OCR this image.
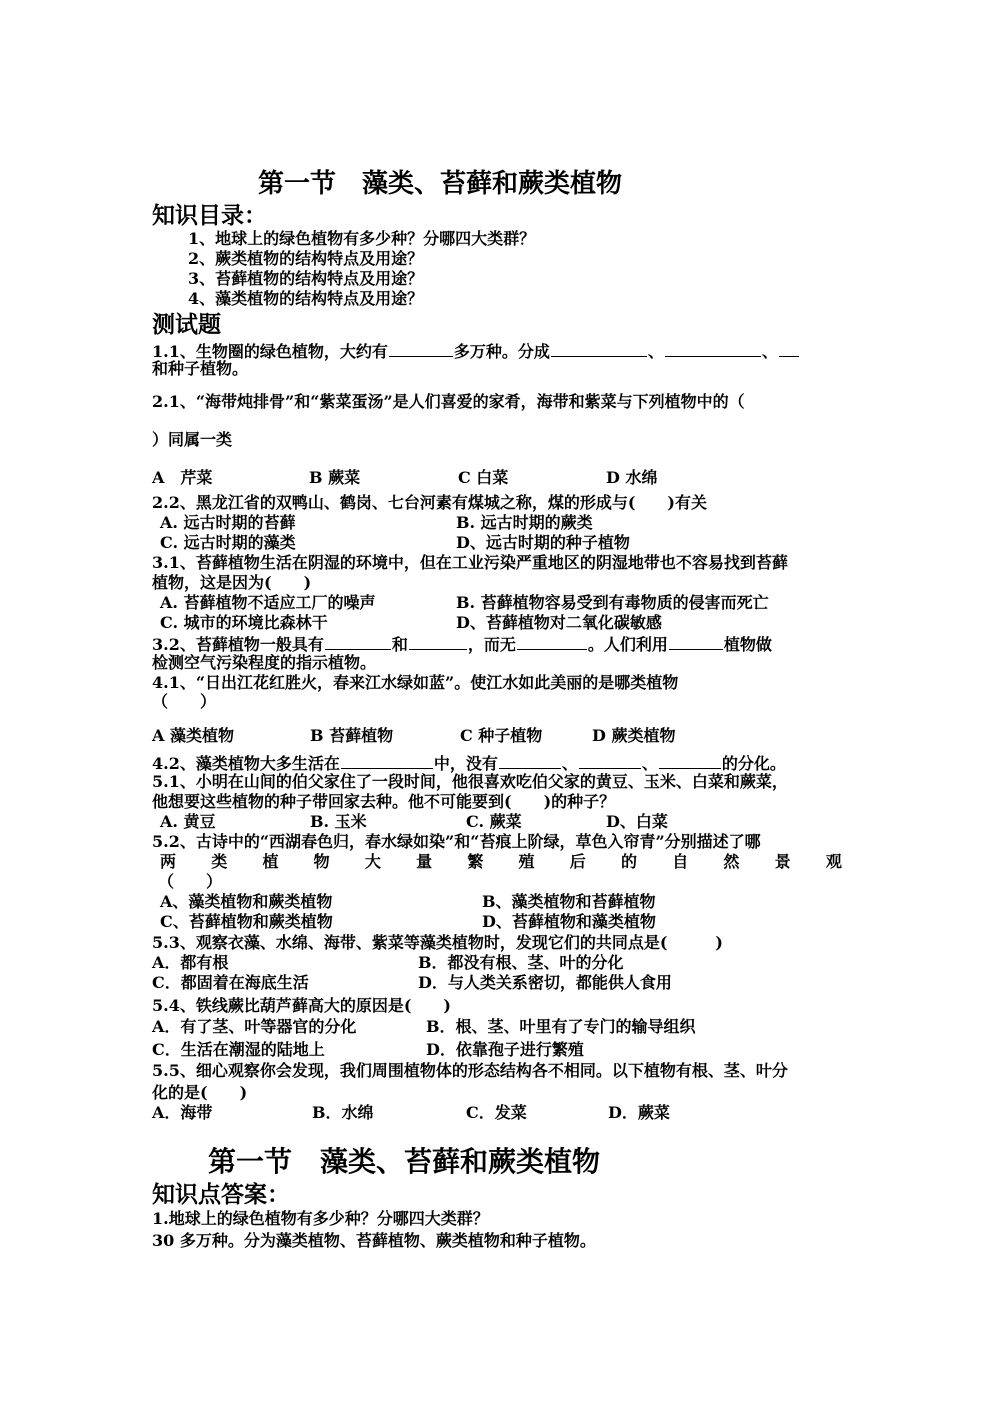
第一节　藻类、苔藓和蕨类植物
知识目录：
1、地球上的绿色植物有多少种？分哪四大类群？
2、蕨类植物的结构特点及用途？
3、苔藓植物的结构特点及用途？
4、藻类植物的结构特点及用途？
测试题
1.1、生物圈的绿色植物，大约有	多万种。分成	、	、
和种子植物。
2.1、“海带炖排骨”和“紫菜蛋汤”是人们喜爱的家肴，海带和紫菜与下列植物中的（
）同属一类
A　芹菜	B 蕨菜	C 白菜	D 水绵
2.2、黑龙江省的双鸭山、鹤岗、七台河素有煤城之称，煤的形成与(　　)有关
A. 远古时期的苔藓	B. 远古时期的蕨类
C. 远古时期的藻类	D、远古时期的种子植物
3.1、苔藓植物生活在阴湿的环境中，但在工业污染严重地区的阴湿地带也不容易找到苔藓
植物，这是因为(　　)
A. 苔藓植物不适应工厂的噪声	B. 苔藓植物容易受到有毒物质的侵害而死亡
C. 城市的环境比森林干	D、苔藓植物对二氧化碳敏感
3.2、苔藓植物一般具有	和	，而无	。人们利用	植物做
检测空气污染程度的指示植物。
4.1、“日出江花红胜火，春来江水绿如蓝”。使江水如此美丽的是哪类植物
（　　）
A 藻类植物	B 苔藓植物	C 种子植物	D 蕨类植物
4.2、藻类植物大多生活在	中，没有	、	、	的分化。
5.1、小明在山间的伯父家住了一段时间，他很喜欢吃伯父家的黄豆、玉米、白菜和蕨菜，
他想要这些植物的种子带回家去种。他不可能要到(　　)的种子？
A. 黄豆	B. 玉米	C. 蕨菜	D、白菜
5.2、古诗中的“西湖春色归，春水绿如染”和“苔痕上阶绿，草色入帘青”分别描述了哪
两 类 植 物 大 量 繁 殖 后 的 自 然 景 观
（　　）
A、藻类植物和蕨类植物	B、藻类植物和苔藓植物
C、苔藓植物和蕨类植物	D、苔藓植物和藻类植物
5.3、观察衣藻、水绵、海带、紫菜等藻类植物时，发现它们的共同点是(　　　)
A．都有根	B．都没有根、茎、叶的分化
C．都固着在海底生活	D．与人类关系密切，都能供人食用
5.4、铁线蕨比葫芦藓高大的原因是(　　)
A．有了茎、叶等器官的分化	B．根、茎、叶里有了专门的输导组织
C．生活在潮湿的陆地上	D．依靠孢子进行繁殖
5.5、细心观察你会发现，我们周围植物体的形态结构各不相同。以下植物有根、茎、叶分
化的是(　　)
A．海带	B．水绵	C．发菜	D．蕨菜
第一节　藻类、苔藓和蕨类植物
知识点答案：
1.地球上的绿色植物有多少种？分哪四大类群？
30 多万种。分为藻类植物、苔藓植物、蕨类植物和种子植物。
